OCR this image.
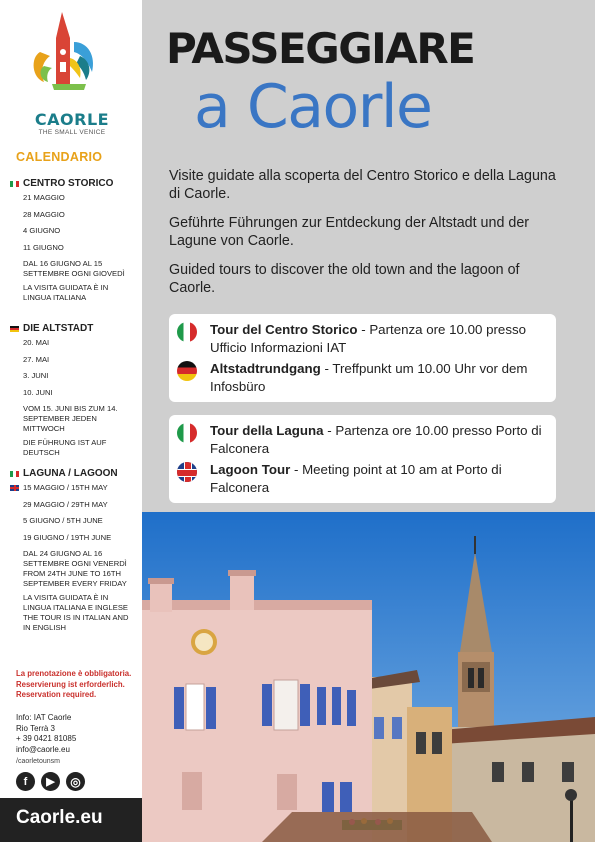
CAORLE
THE SMALL VENICE
CALENDARIO
CENTRO STORICO
21 MAGGIO
28 MAGGIO
4 GIUGNO
11 GIUGNO
DAL 16 GIUGNO AL 15 SETTEMBRE OGNI GIOVEDÌ
LA VISITA GUIDATA È IN LINGUA ITALIANA
DIE ALTSTADT
20. MAI
27. MAI
3. JUNI
10. JUNI
VOM 15. JUNI BIS ZUM 14. SEPTEMBER JEDEN MITTWOCH
DIE FÜHRUNG IST AUF DEUTSCH
LAGUNA / LAGOON
15 MAGGIO / 15TH MAY
29 MAGGIO / 29TH MAY
5 GIUGNO / 5TH JUNE
19 GIUGNO / 19TH JUNE
DAL 24 GIUGNO AL 16 SETTEMBRE OGNI VENERDÌ FROM 24TH JUNE TO 16TH SEPTEMBER EVERY FRIDAY
LA VISITA GUIDATA È IN LINGUA ITALIANA E INGLESE THE TOUR IS IN ITALIAN AND IN ENGLISH
La prenotazione è obbligatoria.
Reservierung ist erforderlich.
Reservation required.
Info: IAT Caorle
Rio Terrà 3
+ 39 0421 81085
info@caorle.eu
/caorletounsm
f	▶	◎
Caorle.eu
PASSEGGIARE
a Caorle
Visite guidate alla scoperta del Centro Storico e della Laguna di Caorle.
Geführte Führungen zur Entdeckung der Altstadt und der Lagune von Caorle.
Guided tours to discover the old town and the lagoon of Caorle.
Tour del Centro Storico - Partenza ore 10.00 presso Ufficio Informazioni IAT
Altstadtrundgang - Treffpunkt um 10.00 Uhr vor dem Infosbüro
Tour della Laguna - Partenza ore 10.00 presso Porto di Falconera
Lagoon Tour - Meeting point at 10 am at Porto di Falconera
